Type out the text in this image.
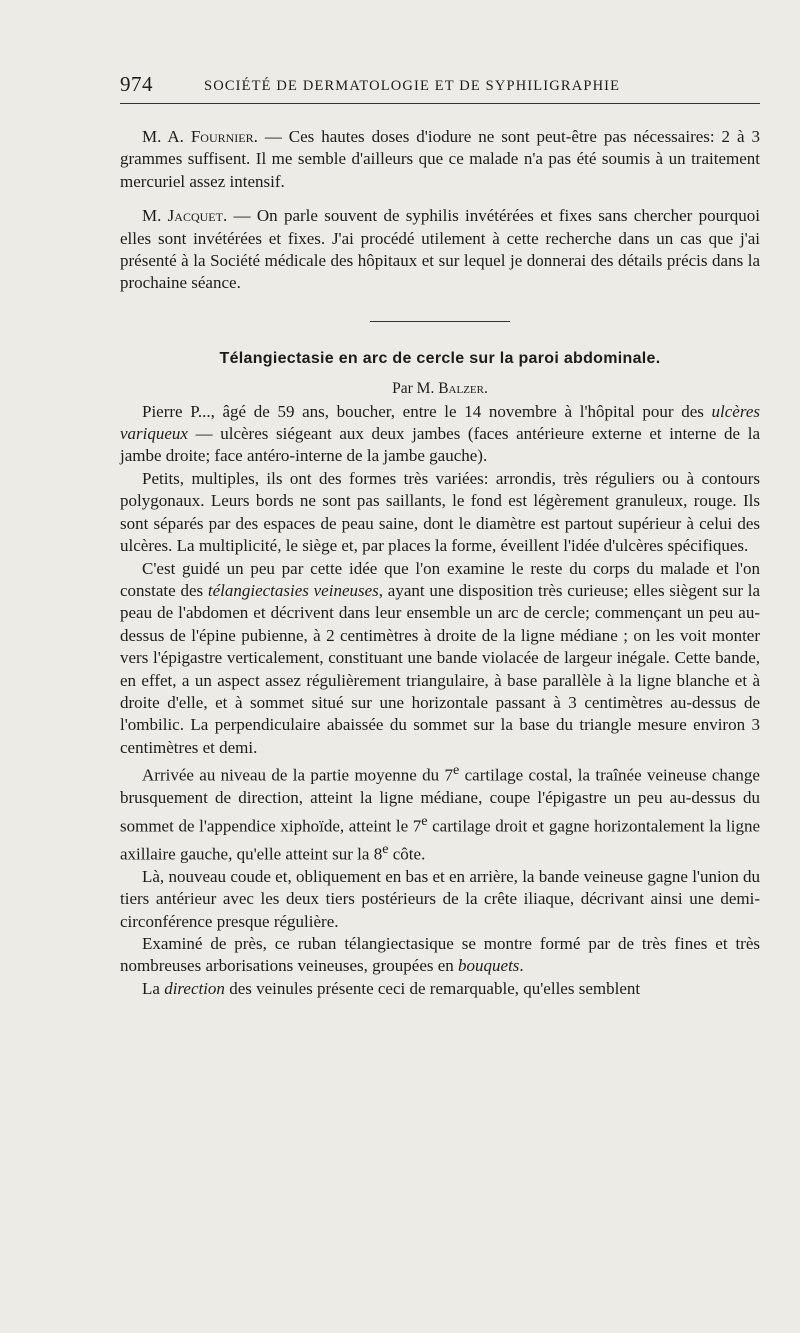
974	SOCIÉTÉ DE DERMATOLOGIE ET DE SYPHILIGRAPHIE

M. A. Fournier. — Ces hautes doses d'iodure ne sont peut-être pas nécessaires: 2 à 3 grammes suffisent. Il me semble d'ailleurs que ce malade n'a pas été soumis à un traitement mercuriel assez intensif.

M. Jacquet. — On parle souvent de syphilis invétérées et fixes sans chercher pourquoi elles sont invétérées et fixes. J'ai procédé utilement à cette recherche dans un cas que j'ai présenté à la Société médicale des hôpitaux et sur lequel je donnerai des détails précis dans la prochaine séance.

Télangiectasie en arc de cercle sur la paroi abdominale.
Par M. Balzer.

Pierre P..., âgé de 59 ans, boucher, entre le 14 novembre à l'hôpital pour des ulcères variqueux — ulcères siégeant aux deux jambes (faces antérieure externe et interne de la jambe droite; face antéro-interne de la jambe gauche).

Petits, multiples, ils ont des formes très variées: arrondis, très réguliers ou à contours polygonaux. Leurs bords ne sont pas saillants, le fond est légèrement granuleux, rouge. Ils sont séparés par des espaces de peau saine, dont le diamètre est partout supérieur à celui des ulcères. La multiplicité, le siège et, par places la forme, éveillent l'idée d'ulcères spécifiques.

C'est guidé un peu par cette idée que l'on examine le reste du corps du malade et l'on constate des télangiectasies veineuses, ayant une disposition très curieuse; elles siègent sur la peau de l'abdomen et décrivent dans leur ensemble un arc de cercle; commençant un peu au-dessus de l'épine pubienne, à 2 centimètres à droite de la ligne médiane ; on les voit monter vers l'épigastre verticalement, constituant une bande violacée de largeur inégale. Cette bande, en effet, a un aspect assez régulièrement triangulaire, à base parallèle à la ligne blanche et à droite d'elle, et à sommet situé sur une horizontale passant à 3 centimètres au-dessus de l'ombilic. La perpendiculaire abaissée du sommet sur la base du triangle mesure environ 3 centimètres et demi.

Arrivée au niveau de la partie moyenne du 7e cartilage costal, la traînée veineuse change brusquement de direction, atteint la ligne médiane, coupe l'épigastre un peu au-dessus du sommet de l'appendice xiphoïde, atteint le 7e cartilage droit et gagne horizontalement la ligne axillaire gauche, qu'elle atteint sur la 8e côte.

Là, nouveau coude et, obliquement en bas et en arrière, la bande veineuse gagne l'union du tiers antérieur avec les deux tiers postérieurs de la crête iliaque, décrivant ainsi une demi-circonférence presque régulière.

Examiné de près, ce ruban télangiectasique se montre formé par de très fines et très nombreuses arborisations veineuses, groupées en bouquets.

La direction des veinules présente ceci de remarquable, qu'elles semblent
